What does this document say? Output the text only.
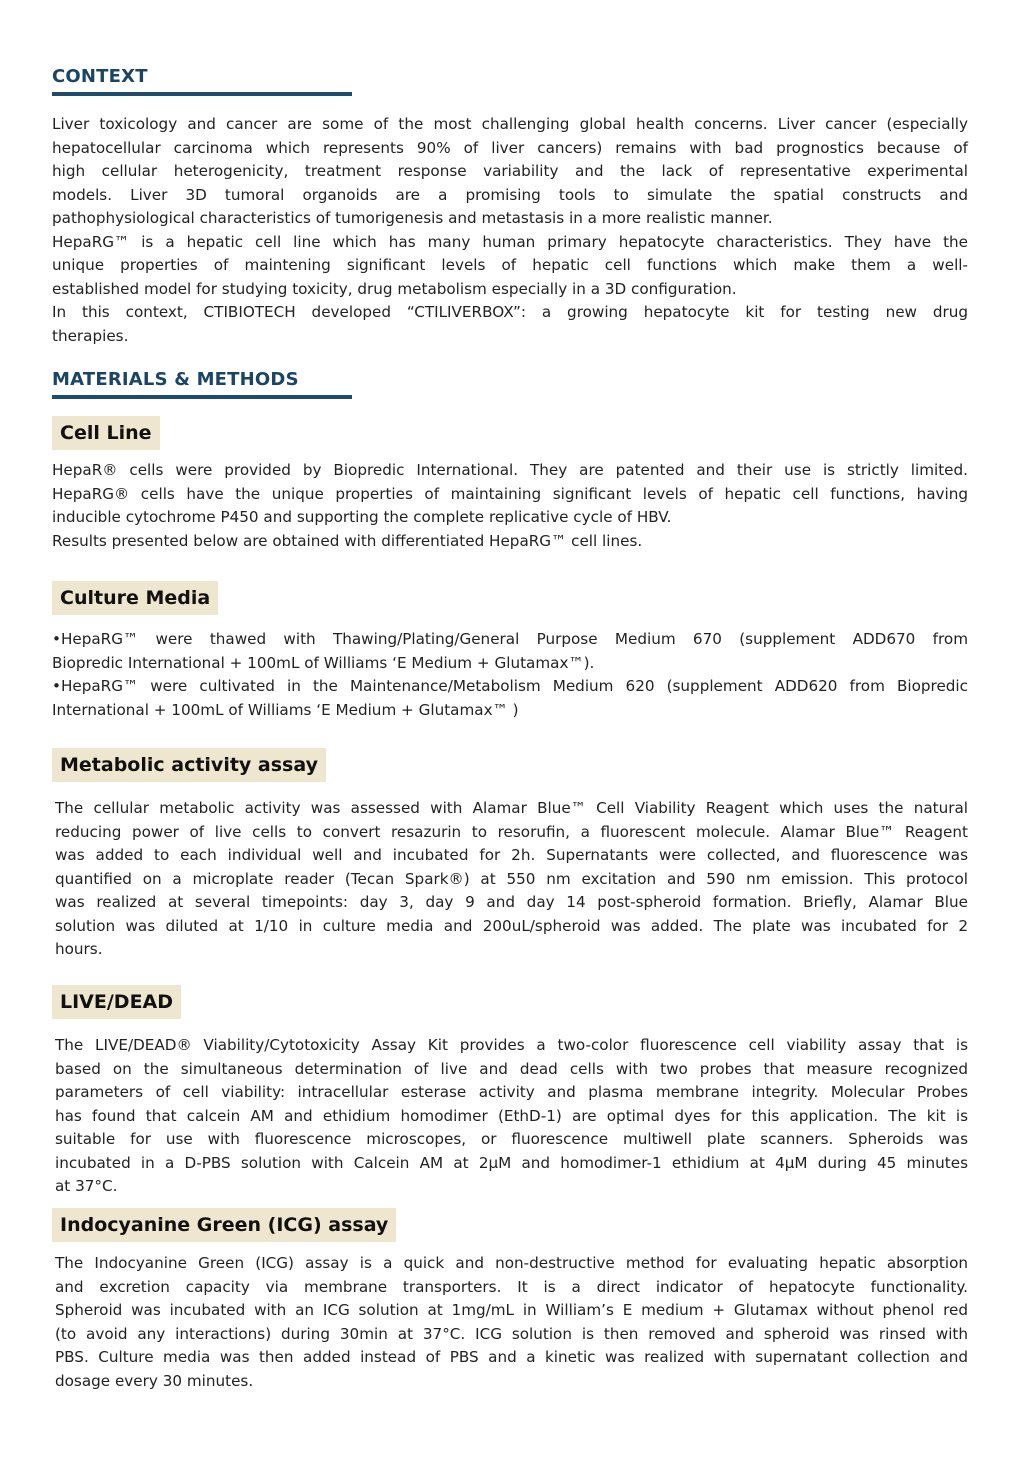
CONTEXT
Liver toxicology and cancer are some of the most challenging global health concerns. Liver cancer (especially
hepatocellular carcinoma which represents 90% of liver cancers) remains with bad prognostics because of
high cellular heterogenicity, treatment response variability and the lack of representative experimental
models. Liver 3D tumoral organoids are a promising tools to simulate the spatial constructs and
pathophysiological characteristics of tumorigenesis and metastasis in a more realistic manner.
HepaRG™ is a hepatic cell line which has many human primary hepatocyte characteristics. They have the
unique properties of maintening significant levels of hepatic cell functions which make them a well-
established model for studying toxicity, drug metabolism especially in a 3D configuration.
In this context, CTIBIOTECH developed “CTILIVERBOX”: a growing hepatocyte kit for testing new drug
therapies.
MATERIALS & METHODS
Cell Line
HepaR® cells were provided by Biopredic International. They are patented and their use is strictly limited.
HepaRG® cells have the unique properties of maintaining significant levels of hepatic cell functions, having
inducible cytochrome P450 and supporting the complete replicative cycle of HBV.
Results presented below are obtained with differentiated HepaRG™ cell lines.
Culture Media
•HepaRG™ were thawed with Thawing/Plating/General Purpose Medium 670 (supplement ADD670 from
Biopredic International + 100mL of Williams ‘E Medium + Glutamax™).
•HepaRG™ were cultivated in the Maintenance/Metabolism Medium 620 (supplement ADD620 from Biopredic
International + 100mL of Williams ‘E Medium + Glutamax™ )
Metabolic activity assay
The cellular metabolic activity was assessed with Alamar Blue™ Cell Viability Reagent which uses the natural
reducing power of live cells to convert resazurin to resorufin, a fluorescent molecule. Alamar Blue™ Reagent
was added to each individual well and incubated for 2h. Supernatants were collected, and fluorescence was
quantified on a microplate reader (Tecan Spark®) at 550 nm excitation and 590 nm emission. This protocol
was realized at several timepoints: day 3, day 9 and day 14 post-spheroid formation. Briefly, Alamar Blue
solution was diluted at 1/10 in culture media and 200uL/spheroid was added. The plate was incubated for 2
hours.
LIVE/DEAD
The LIVE/DEAD® Viability/Cytotoxicity Assay Kit provides a two-color fluorescence cell viability assay that is
based on the simultaneous determination of live and dead cells with two probes that measure recognized
parameters of cell viability: intracellular esterase activity and plasma membrane integrity. Molecular Probes
has found that calcein AM and ethidium homodimer (EthD-1) are optimal dyes for this application. The kit is
suitable for use with fluorescence microscopes, or fluorescence multiwell plate scanners. Spheroids was
incubated in a D-PBS solution with Calcein AM at 2µM and homodimer-1 ethidium at 4µM during 45 minutes
at 37°C.
Indocyanine Green (ICG) assay
The Indocyanine Green (ICG) assay is a quick and non-destructive method for evaluating hepatic absorption
and excretion capacity via membrane transporters. It is a direct indicator of hepatocyte functionality.
Spheroid was incubated with an ICG solution at 1mg/mL in William’s E medium + Glutamax without phenol red
(to avoid any interactions) during 30min at 37°C. ICG solution is then removed and spheroid was rinsed with
PBS. Culture media was then added instead of PBS and a kinetic was realized with supernatant collection and
dosage every 30 minutes.
